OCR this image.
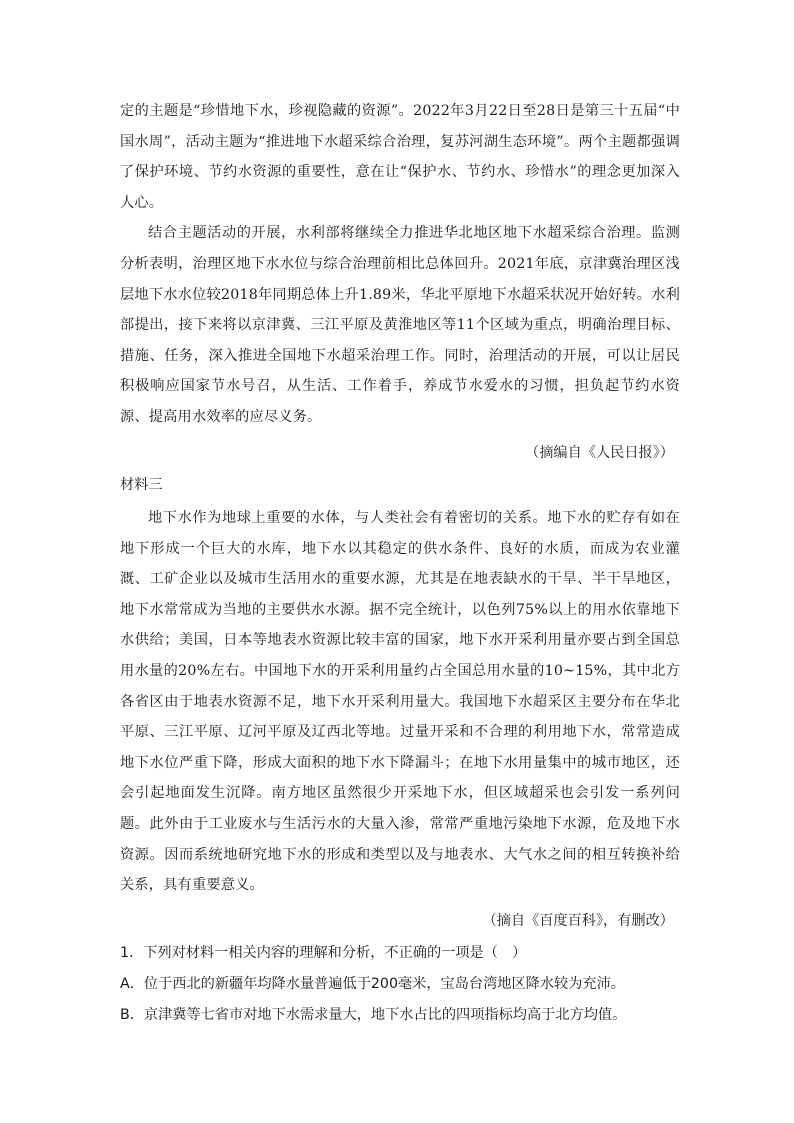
定的主题是“珍惜地下水，珍视隐藏的资源”。2022年3月22日至28日是第三十五届“中国水周”，活动主题为“推进地下水超采综合治理，复苏河湖生态环境”。两个主题都强调了保护环境、节约水资源的重要性，意在让“保护水、节约水、珍惜水”的理念更加深入人心。

结合主题活动的开展，水利部将继续全力推进华北地区地下水超采综合治理。监测分析表明，治理区地下水水位与综合治理前相比总体回升。2021年底，京津冀治理区浅层地下水水位较2018年同期总体上升1.89米，华北平原地下水超采状况开始好转。水利部提出，接下来将以京津冀、三江平原及黄淮地区等11个区域为重点，明确治理目标、措施、任务，深入推进全国地下水超采治理工作。同时，治理活动的开展，可以让居民积极响应国家节水号召，从生活、工作着手，养成节水爱水的习惯，担负起节约水资源、提高用水效率的应尽义务。

（摘编自《人民日报》）
材料三

地下水作为地球上重要的水体，与人类社会有着密切的关系。地下水的贮存有如在地下形成一个巨大的水库，地下水以其稳定的供水条件、良好的水质，而成为农业灌溉、工矿企业以及城市生活用水的重要水源，尤其是在地表缺水的干旱、半干旱地区，地下水常常成为当地的主要供水水源。据不完全统计，以色列75%以上的用水依靠地下水供给；美国，日本等地表水资源比较丰富的国家，地下水开采利用量亦要占到全国总用水量的20%左右。中国地下水的开采利用量约占全国总用水量的10~15%，其中北方各省区由于地表水资源不足，地下水开采利用量大。我国地下水超采区主要分布在华北平原、三江平原、辽河平原及辽西北等地。过量开采和不合理的利用地下水，常常造成地下水位严重下降，形成大面积的地下水下降漏斗；在地下水用量集中的城市地区，还会引起地面发生沉降。南方地区虽然很少开采地下水，但区域超采也会引发一系列问题。此外由于工业废水与生活污水的大量入渗，常常严重地污染地下水源，危及地下水资源。因而系统地研究地下水的形成和类型以及与地表水、大气水之间的相互转换补给关系，具有重要意义。

（摘自《百度百科》，有删改）

1．下列对材料一相关内容的理解和分析，不正确的一项是（　）

A．位于西北的新疆年均降水量普遍低于200毫米，宝岛台湾地区降水较为充沛。

B．京津冀等七省市对地下水需求量大，地下水占比的四项指标均高于北方均值。
